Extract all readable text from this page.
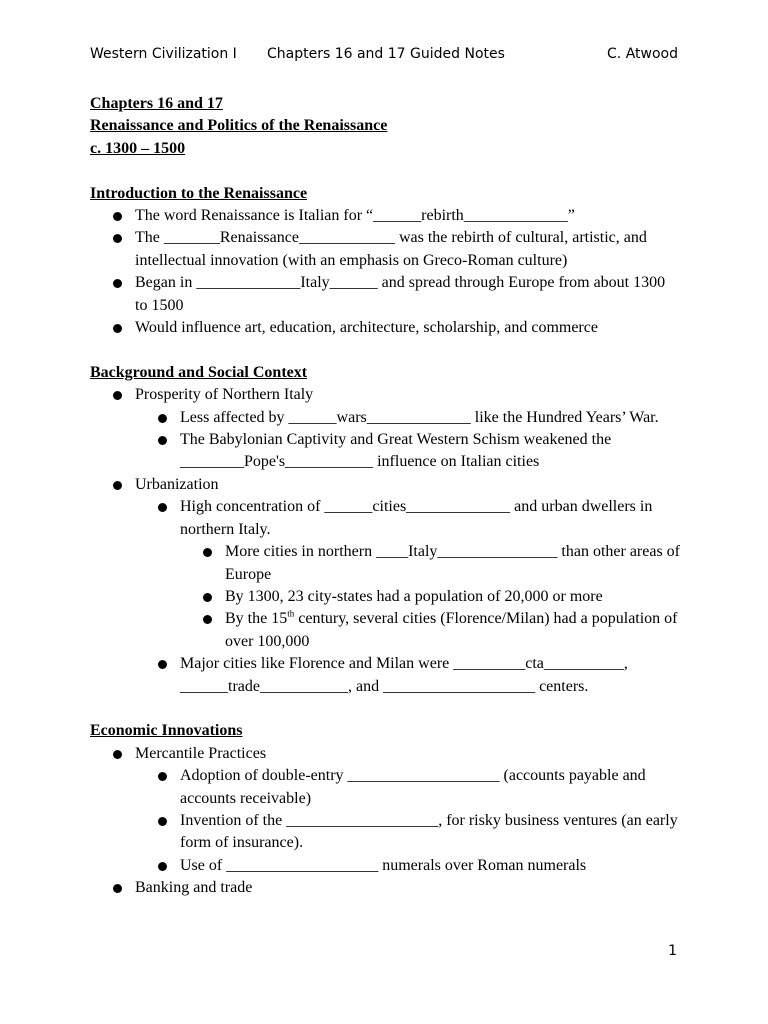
Western Civilization I Chapters 16 and 17 Guided Notes	C. Atwood

Chapters 16 and 17

Renaissance and Politics of the Renaissance

c. 1300 – 1500

Introduction to the Renaissance

The word Renaissance is Italian for “______rebirth_____________”
The _______Renaissance____________ was the rebirth of cultural, artistic, and intellectual innovation (with an emphasis on Greco-Roman culture)
Began in _____________Italy______ and spread through Europe from about 1300 to 1500
Would influence art, education, architecture, scholarship, and commerce

Background and Social Context

Prosperity of Northern Italy
Less affected by ______wars_____________ like the Hundred Years’ War.
The Babylonian Captivity and Great Western Schism weakened the ________Pope's___________ influence on Italian cities
Urbanization
High concentration of ______cities_____________ and urban dwellers in northern Italy.
More cities in northern ____Italy_______________ than other areas of Europe
By 1300, 23 city-states had a population of 20,000 or more
By the 15th century, several cities (Florence/Milan) had a population of over 100,000
Major cities like Florence and Milan were _________cta__________, ______trade___________, and ___________________ centers.

Economic Innovations

Mercantile Practices
Adoption of double-entry ___________________ (accounts payable and accounts receivable)
Invention of the ___________________, for risky business ventures (an early form of insurance).
Use of ___________________ numerals over Roman numerals
Banking and trade
1
